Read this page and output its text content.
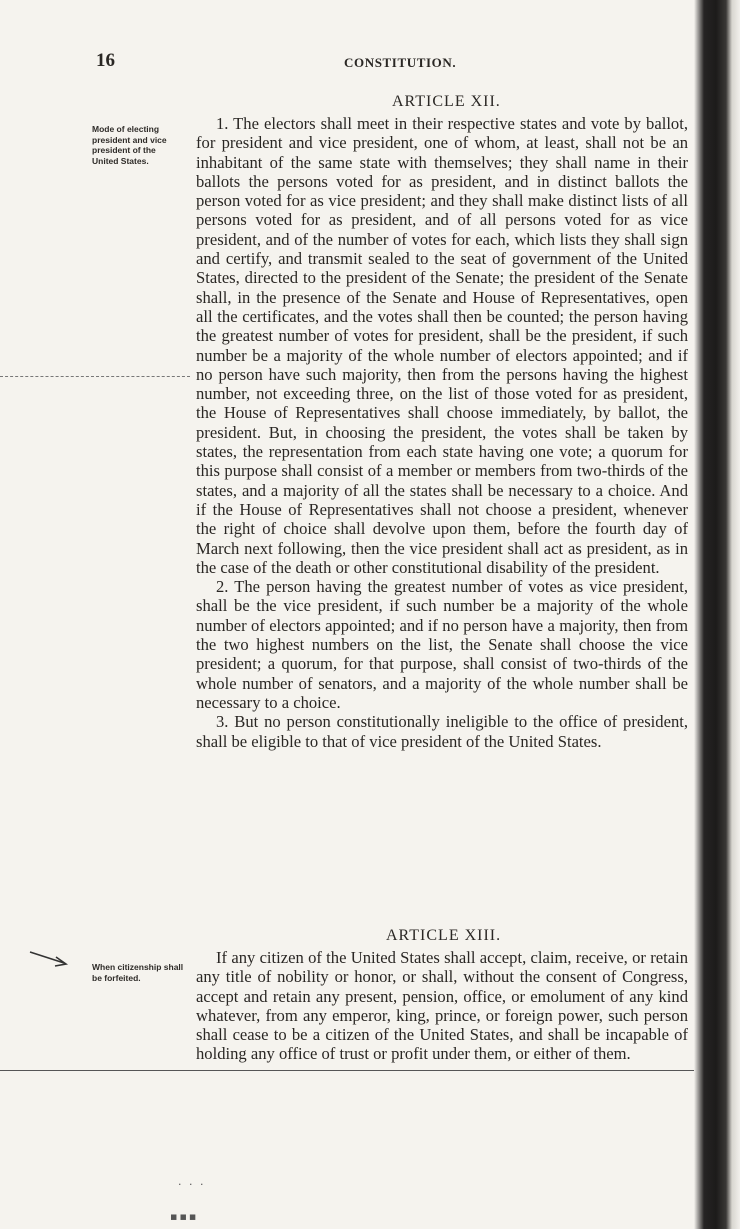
16	CONSTITUTION.
ARTICLE XII.
Mode of electing president and vice president of the United States.

1. The electors shall meet in their respective states and vote by ballot, for president and vice president, one of whom, at least, shall not be an inhabitant of the same state with themselves; they shall name in their ballots the persons voted for as president, and in distinct ballots the person voted for as vice president; and they shall make distinct lists of all persons voted for as president, and of all persons voted for as vice president, and of the number of votes for each, which lists they shall sign and certify, and transmit sealed to the seat of government of the United States, directed to the president of the Senate; the president of the Senate shall, in the presence of the Senate and House of Representatives, open all the certificates, and the votes shall then be counted; the person having the greatest number of votes for president, shall be the president, if such number be a majority of the whole number of electors appointed; and if no person have such majority, then from the persons having the highest number, not exceeding three, on the list of those voted for as president, the House of Representatives shall choose immediately, by ballot, the president. But, in choosing the president, the votes shall be taken by states, the representation from each state having one vote; a quorum for this purpose shall consist of a member or members from two-thirds of the states, and a majority of all the states shall be necessary to a choice. And if the House of Representatives shall not choose a president, whenever the right of choice shall devolve upon them, before the fourth day of March next following, then the vice president shall act as president, as in the case of the death or other constitutional disability of the president.

2. The person having the greatest number of votes as vice president, shall be the vice president, if such number be a majority of the whole number of electors appointed; and if no person have a majority, then from the two highest numbers on the list, the Senate shall choose the vice president; a quorum, for that purpose, shall consist of two-thirds of the whole number of senators, and a majority of the whole number shall be necessary to a choice.

3. But no person constitutionally ineligible to the office of president, shall be eligible to that of vice president of the United States.

ARTICLE XIII.
When citizenship shall be forfeited.

If any citizen of the United States shall accept, claim, receive, or retain any title of nobility or honor, or shall, without the consent of Congress, accept and retain any present, pension, office, or emolument of any kind whatever, from any emperor, king, prince, or foreign power, such person shall cease to be a citizen of the United States, and shall be incapable of holding any office of trust or profit under them, or either of them.

· · ·
▪▪▪
